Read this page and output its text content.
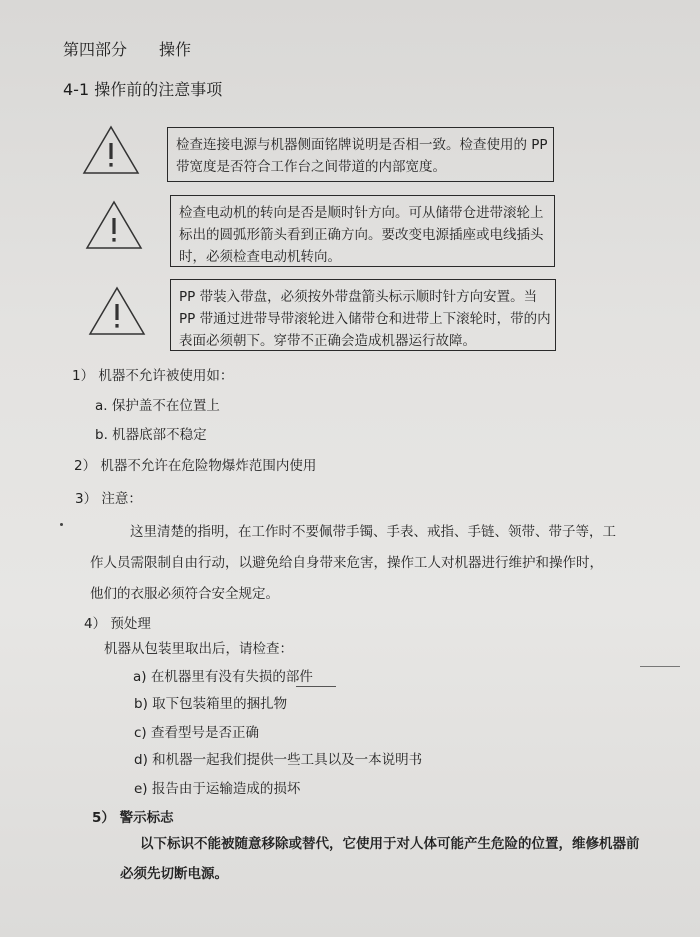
第四部分 操作
4-1 操作前的注意事项

检查连接电源与机器侧面铭牌说明是否相一致。检查使用的 PP

带宽度是否符合工作台之间带道的内部宽度。

检查电动机的转向是否是顺时针方向。可从储带仓进带滚轮上

标出的圆弧形箭头看到正确方向。要改变电源插座或电线插头

时，必须检查电动机转向。

PP 带装入带盘，必须按外带盘箭头标示顺时针方向安置。当

PP 带通过进带导带滚轮进入储带仓和进带上下滚轮时，带的内

表面必须朝下。穿带不正确会造成机器运行故障。

1） 机器不允许被使用如：
a. 保护盖不在位置上
b. 机器底部不稳定
2） 机器不允许在危险物爆炸范围内使用
3） 注意：
这里清楚的指明，在工作时不要佩带手镯、手表、戒指、手链、领带、带子等，工
作人员需限制自由行动，以避免给自身带来危害，操作工人对机器进行维护和操作时，
他们的衣服必须符合安全规定。
4） 预处理
机器从包装里取出后，请检查：
a) 在机器里有没有失损的部件
b) 取下包装箱里的捆扎物
c) 查看型号是否正确
d) 和机器一起我们提供一些工具以及一本说明书
e) 报告由于运输造成的损坏
5） 警示标志
以下标识不能被随意移除或替代，它使用于对人体可能产生危险的位置，维修机器前
必须先切断电源。
